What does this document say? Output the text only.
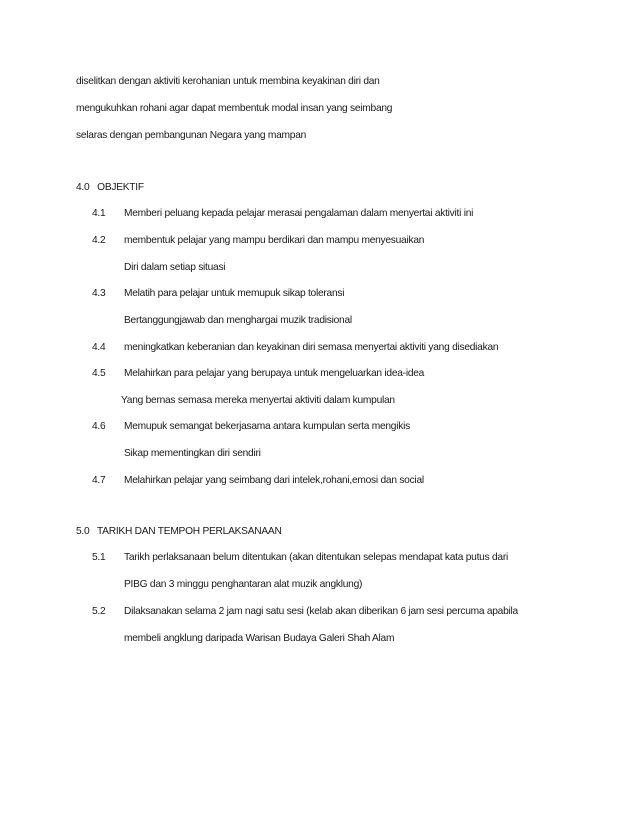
diselitkan dengan aktiviti kerohanian untuk membina keyakinan diri dan
mengukuhkan rohani agar dapat membentuk modal insan yang seimbang
selaras dengan pembangunan Negara yang mampan
4.0   OBJEKTIF
4.1 Memberi peluang kepada pelajar merasai pengalaman dalam menyertai aktiviti ini
4.2 membentuk pelajar yang mampu berdikari dan mampu menyesuaikan
Diri dalam setiap situasi
4.3 Melatih para pelajar untuk memupuk sikap toleransi
Bertanggungjawab dan menghargai muzik tradisional
4.4 meningkatkan keberanian dan keyakinan diri semasa menyertai aktiviti yang disediakan
4.5 Melahirkan para pelajar yang berupaya untuk mengeluarkan idea-idea
Yang bernas semasa mereka menyertai aktiviti dalam kumpulan
4.6 Memupuk semangat bekerjasama antara kumpulan serta mengikis
Sikap mementingkan diri sendiri
4.7 Melahirkan pelajar yang seimbang dari intelek,rohani,emosi dan social
5.0   TARIKH DAN TEMPOH PERLAKSANAAN
5.1 Tarikh perlaksanaan belum ditentukan (akan ditentukan selepas mendapat kata putus dari
PIBG dan 3 minggu penghantaran alat muzik angklung)
5.2 Dilaksanakan selama 2 jam nagi satu sesi (kelab akan diberikan 6 jam sesi percuma apabila
membeli angklung daripada Warisan Budaya Galeri Shah Alam
